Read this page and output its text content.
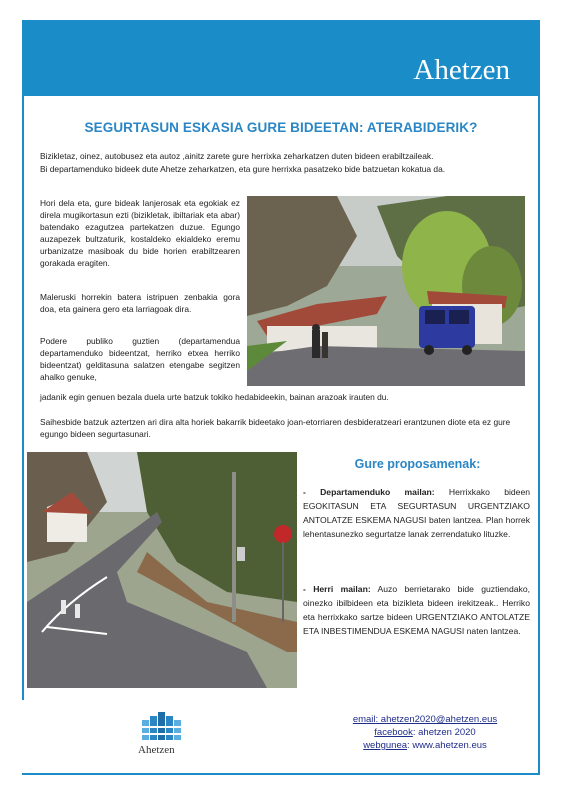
Ahetzen
SEGURTASUN ESKASIA GURE BIDEETAN: ATERABIDERIK?
Bizikletaz, oinez, autobusez eta autoz ,ainitz zarete gure herrixka zeharkatzen duten bideen erabiltzaileak.
Bi departamenduko bideek dute Ahetze zeharkatzen, eta gure herrixka pasatzeko bide batzuetan kokatua da.
Hori dela eta, gure bideak lanjerosak eta egokiak ez direla mugikortasun ezti (bizikletak, ibiltariak eta abar) batendako ezagutzea partekatzen duzue. Egungo auzapezek bultzaturik, kostaldeko ekialdeko eremu urbanizatze masiboak du bide horien erabiltzearen gorakada eragiten.
Maleruski horrekin batera istripuen zenbakia gora doa, eta gainera gero eta larriagoak dira.
Podere publiko guztien (departamendua departamenduko bideentzat, herriko etxea herriko bideentzat) gelditasuna salatzen etengabe segitzen ahalko genuke,
jadanik egin genuen bezala duela urte batzuk tokiko hedabideekin, bainan arazoak irauten du.
Saihesbide batzuk aztertzen ari dira alta horiek bakarrik bideetako joan-etorriaren desbideratzeari erantzunen diote eta ez gure egungo bideen segurtasunari.
Gure proposamenak:
- Departamenduko mailan: Herrixkako bideen EGOKITASUN ETA SEGURTASUN URGENTZIAKO ANTOLATZE ESKEMA NAGUSI baten lantzea. Plan horrek lehentasunezko segurtatze lanak zerrendatuko lituzke.
- Herri mailan: Auzo berrietarako bide guztiendako, oinezko ibilbideen eta bizikleta bideen irekitzeak.. Herriko eta herrixkako sartze bideen URGENTZIAKO ANTOLATZE ETA INBESTIMENDUA ESKEMA NAGUSI naten lantzea.
Ahetzen
email: ahetzen2020@ahetzen.eus
facebook: ahetzen 2020
webgunea: www.ahetzen.eus
